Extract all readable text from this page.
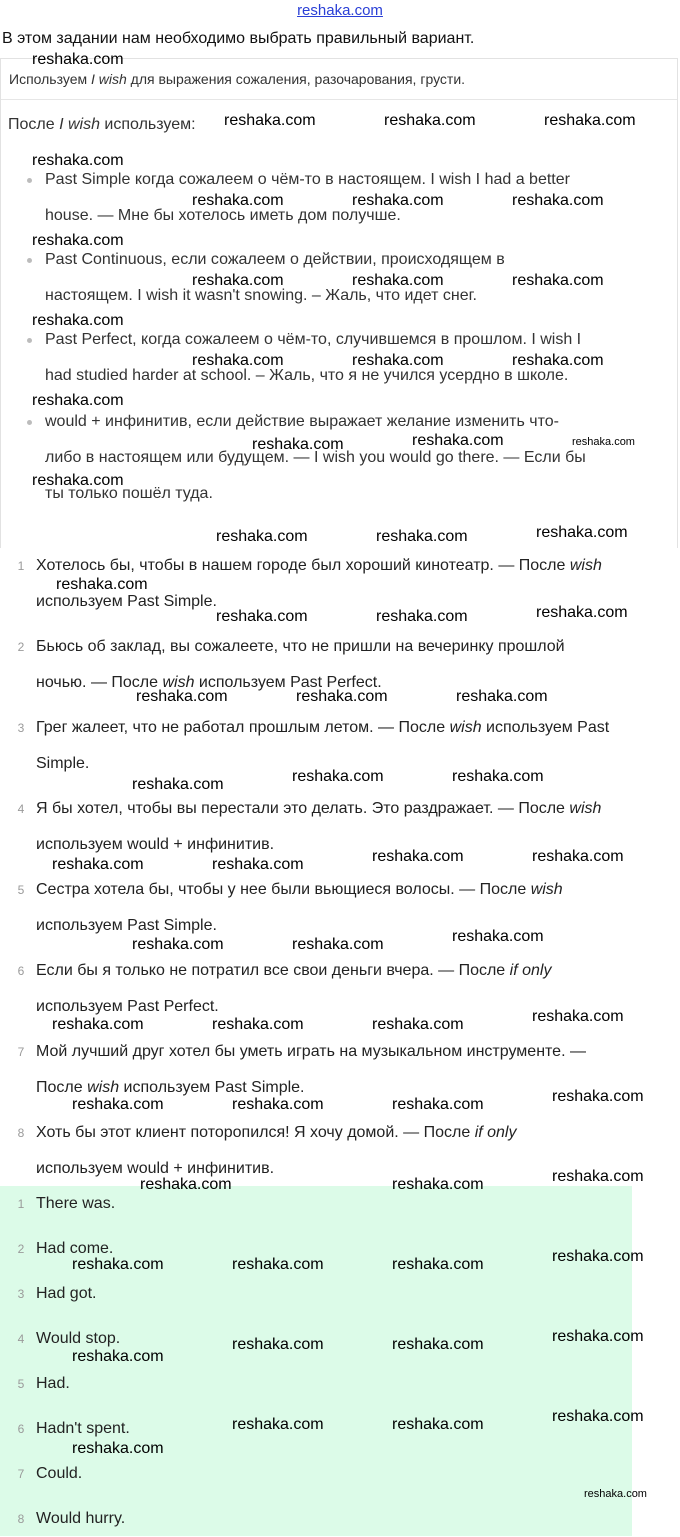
reshaka.com
В этом задании нам необходимо выбрать правильный вариант.
Используем I wish для выражения сожаления, разочарования, грусти.
После I wish используем:
Past Simple когда сожалеем о чём-то в настоящем. I wish I had a better
house. — Мне бы хотелось иметь дом получше.
Past Continuous, если сожалеем о действии, происходящем в
настоящем. I wish it wasn't snowing. – Жаль, что идет снег.
Past Perfect, когда сожалеем о чём-то, случившемся в прошлом. I wish I
had studied harder at school. – Жаль, что я не учился усердно в школе.
would + инфинитив, если действие выражает желание изменить что-
либо в настоящем или будущем. — I wish you would go there. — Если бы
ты только пошёл туда.
1 Хотелось бы, чтобы в нашем городе был хороший кинотеатр. — После wish
используем Past Simple.
2 Бьюсь об заклад, вы сожалеете, что не пришли на вечеринку прошлой
ночью. — После wish используем Past Perfect.
3 Грег жалеет, что не работал прошлым летом. — После wish используем Past
Simple.
4 Я бы хотел, чтобы вы перестали это делать. Это раздражает. — После wish
используем would + инфинитив.
5 Сестра хотела бы, чтобы у нее были вьющиеся волосы. — После wish
используем Past Simple.
6 Если бы я только не потратил все свои деньги вчера. — После if only
используем Past Perfect.
7 Мой лучший друг хотел бы уметь играть на музыкальном инструменте. —
После wish используем Past Simple.
8 Хоть бы этот клиент поторопился! Я хочу домой. — После if only
используем would + инфинитив.
1 There was.
2 Had come.
3 Had got.
4 Would stop.
5 Had.
6 Hadn't spent.
7 Could.
8 Would hurry.
reshaka.com
reshaka.com	reshaka.com	reshaka.com
reshaka.com
reshaka.com	reshaka.com	reshaka.com
reshaka.com
reshaka.com	reshaka.com	reshaka.com
reshaka.com
reshaka.com	reshaka.com	reshaka.com
reshaka.com
reshaka.com	reshaka.com	reshaka.com
reshaka.com
reshaka.com	reshaka.com	reshaka.com
reshaka.com
reshaka.com	reshaka.com	reshaka.com
reshaka.com	reshaka.com	reshaka.com
reshaka.com	reshaka.com	reshaka.com
reshaka.com	reshaka.com	reshaka.com	reshaka.com
reshaka.com	reshaka.com	reshaka.com
reshaka.com	reshaka.com	reshaka.com	reshaka.com
reshaka.com	reshaka.com	reshaka.com	reshaka.com
reshaka.com	reshaka.com	reshaka.com
reshaka.com	reshaka.com	reshaka.com	reshaka.com
reshaka.com	reshaka.com	reshaka.com
reshaka.com
reshaka.com	reshaka.com	reshaka.com
reshaka.com
reshaka.com
